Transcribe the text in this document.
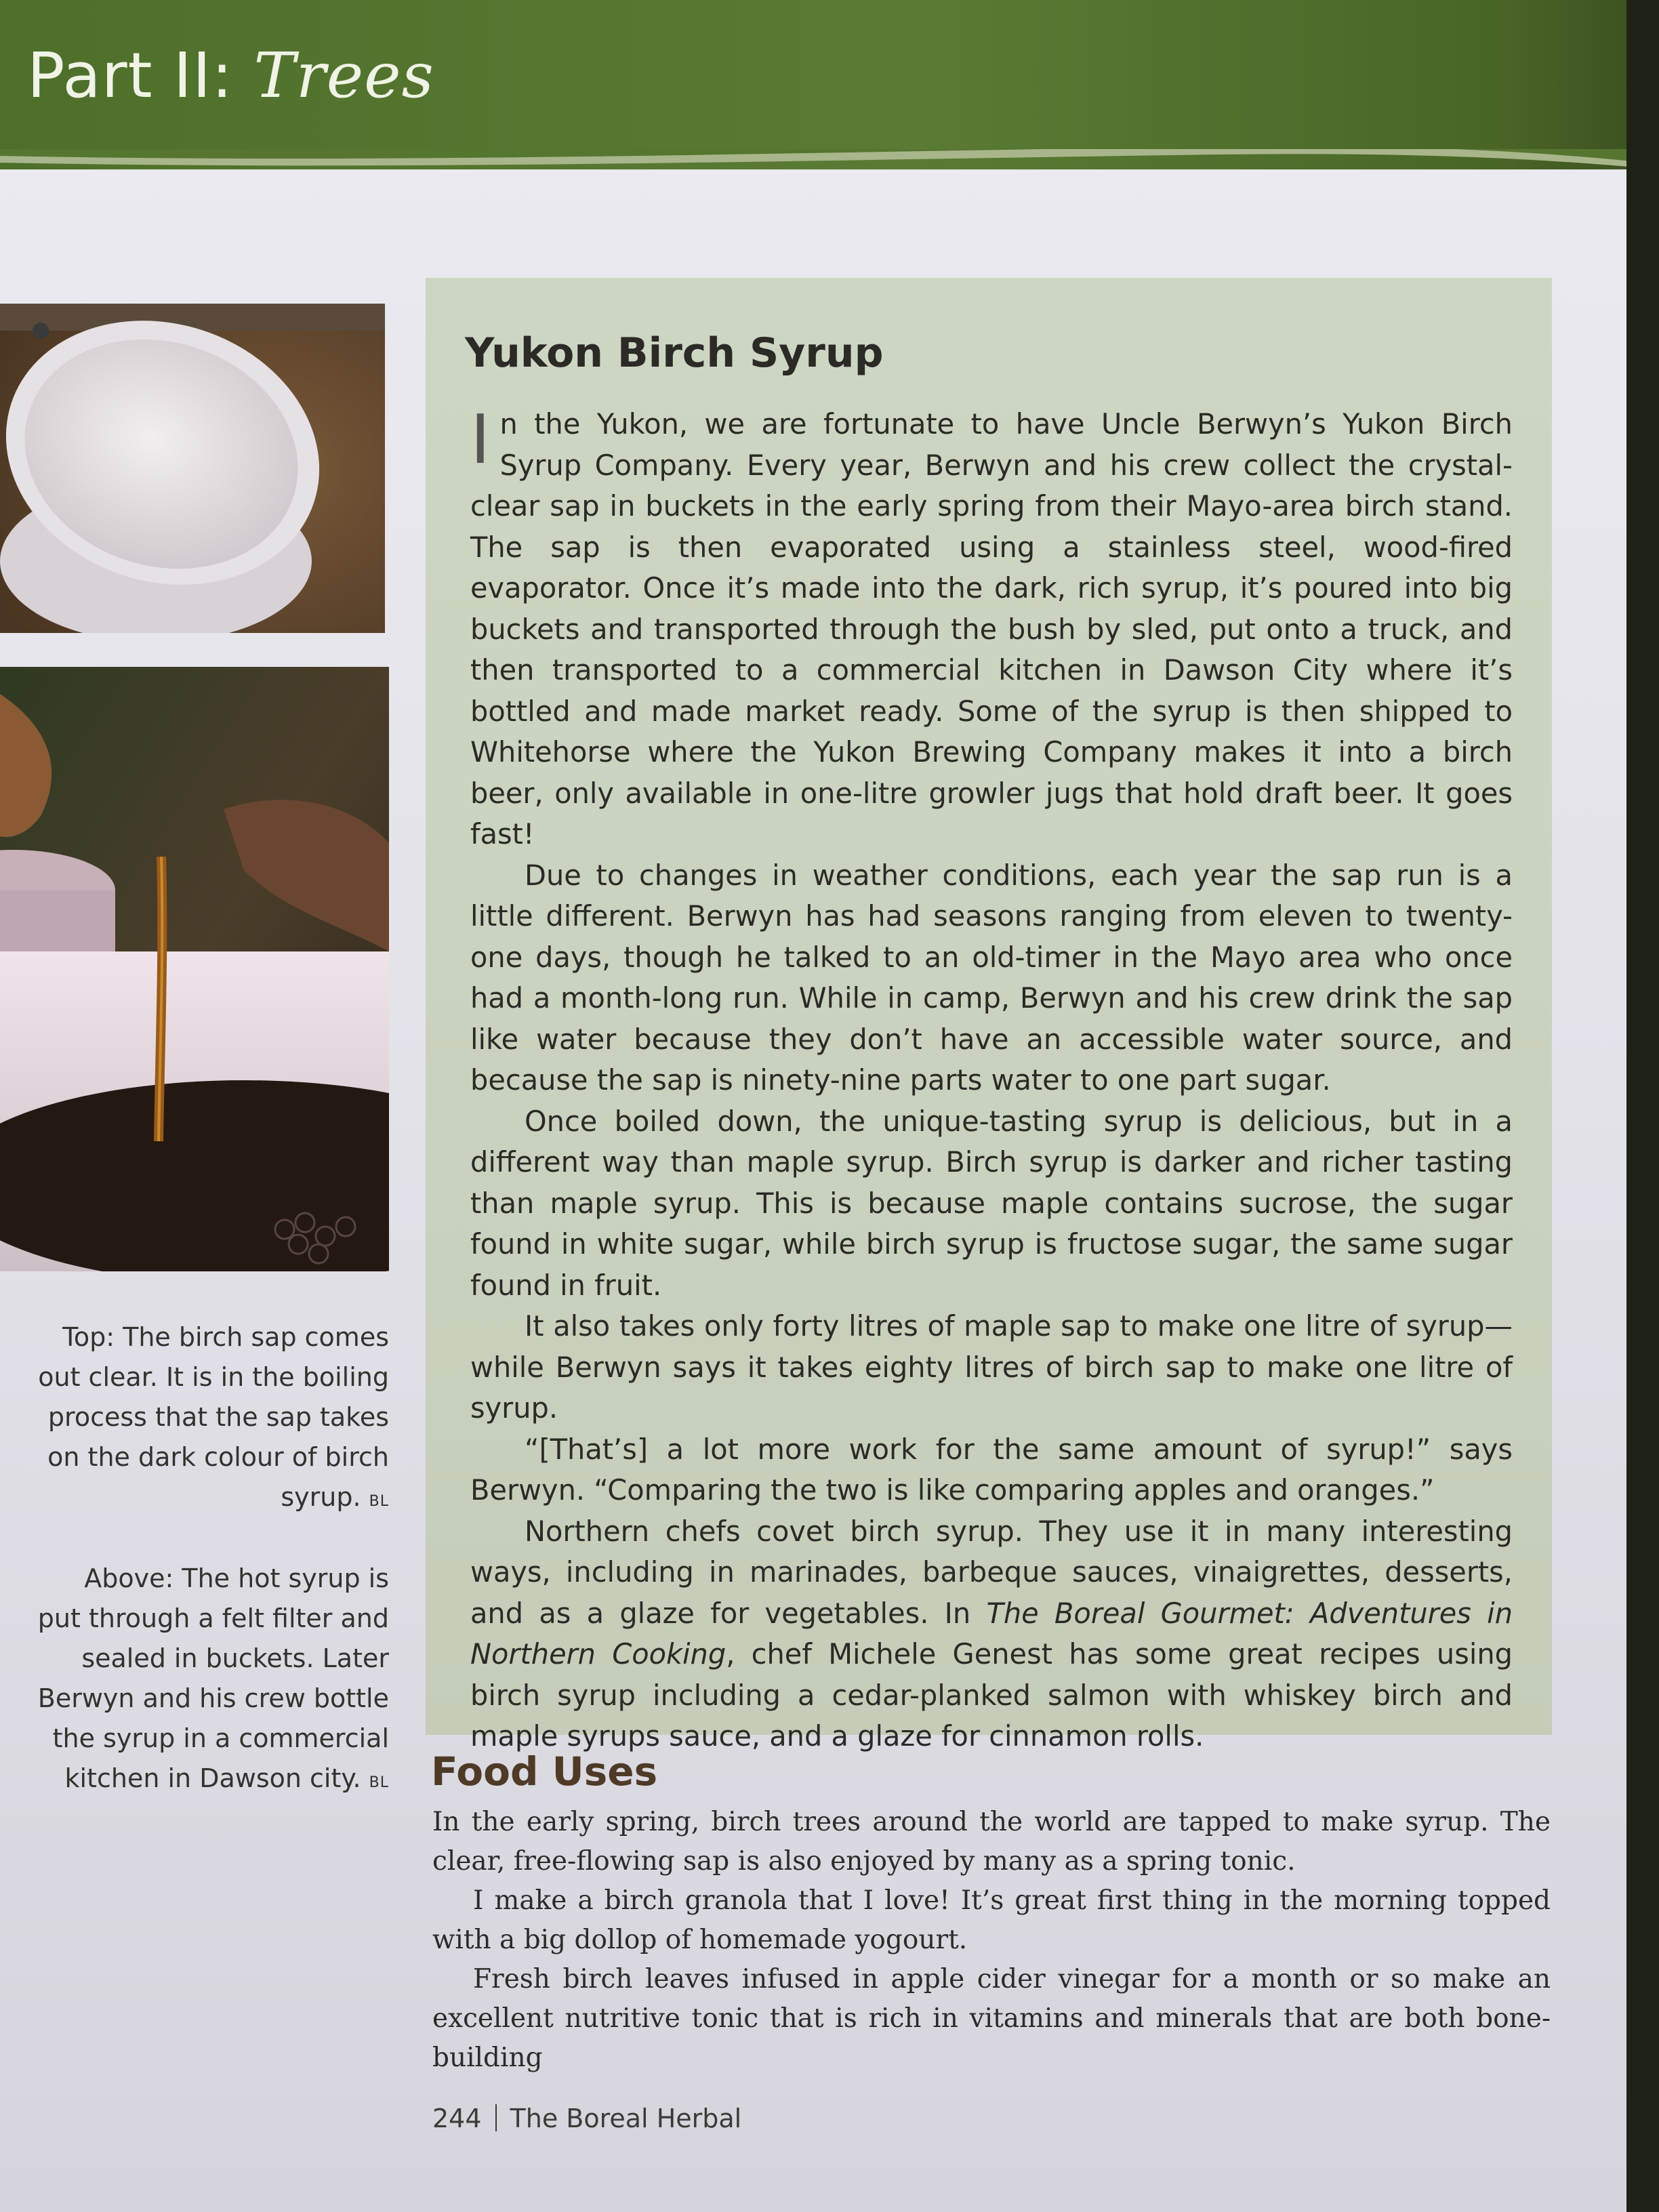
Part II: Trees

Top: The birch sap comes out clear. It is in the boiling process that the sap takes on the dark colour of birch syrup. BL

Above: The hot syrup is put through a felt filter and sealed in buckets. Later Berwyn and his crew bottle the syrup in a commercial kitchen in Dawson city. BL

Yukon Birch Syrup

In the Yukon, we are fortunate to have Uncle Berwyn’s Yukon Birch Syrup Company. Every year, Berwyn and his crew collect the crystal-clear sap in buckets in the early spring from their Mayo-area birch stand. The sap is then evaporated using a stainless steel, wood-fired evaporator. Once it’s made into the dark, rich syrup, it’s poured into big buckets and transported through the bush by sled, put onto a truck, and then transported to a commercial kitchen in Dawson City where it’s bottled and made market ready. Some of the syrup is then shipped to Whitehorse where the Yukon Brewing Company makes it into a birch beer, only available in one-litre growler jugs that hold draft beer. It goes fast!

Due to changes in weather conditions, each year the sap run is a little different. Berwyn has had seasons ranging from eleven to twenty-one days, though he talked to an old-timer in the Mayo area who once had a month-long run. While in camp, Berwyn and his crew drink the sap like water because they don’t have an accessible water source, and because the sap is ninety-nine parts water to one part sugar.

Once boiled down, the unique-tasting syrup is delicious, but in a different way than maple syrup. Birch syrup is darker and richer tasting than maple syrup. This is because maple contains sucrose, the sugar found in white sugar, while birch syrup is fructose sugar, the same sugar found in fruit.

It also takes only forty litres of maple sap to make one litre of syrup—while Berwyn says it takes eighty litres of birch sap to make one litre of syrup.

“[That’s] a lot more work for the same amount of syrup!” says Berwyn. “Comparing the two is like comparing apples and oranges.”

Northern chefs covet birch syrup. They use it in many interesting ways, including in marinades, barbeque sauces, vinaigrettes, desserts, and as a glaze for vegetables. In The Boreal Gourmet: Adventures in Northern Cooking, chef Michele Genest has some great recipes using birch syrup including a cedar-planked salmon with whiskey birch and maple syrups sauce, and a glaze for cinnamon rolls.

Food Uses

In the early spring, birch trees around the world are tapped to make syrup. The clear, free-flowing sap is also enjoyed by many as a spring tonic.

I make a birch granola that I love! It’s great first thing in the morning topped with a big dollop of homemade yogourt.

Fresh birch leaves infused in apple cider vinegar for a month or so make an excellent nutritive tonic that is rich in vitamins and minerals that are both bone-building

244 The Boreal Herbal
